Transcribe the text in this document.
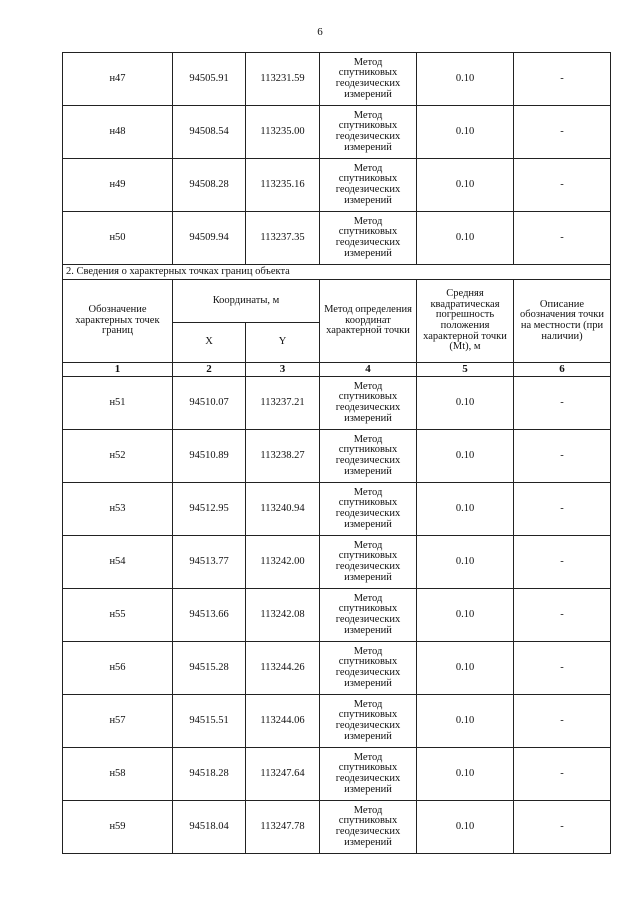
6
н47	94505.91	113231.59	Метод
спутниковых
геодезических
измерений	0.10	-
н48	94508.54	113235.00	Метод
спутниковых
геодезических
измерений	0.10	-
н49	94508.28	113235.16	Метод
спутниковых
геодезических
измерений	0.10	-
н50	94509.94	113237.35	Метод
спутниковых
геодезических
измерений	0.10	-
2. Сведения о характерных точках границ объекта					
Обозначение характерных точек границ	Координаты, м		Метод определения координат характерной точки	Средняя квадратическая погрешность положения характерной точки (Mt), м	Описание обозначения точки на местности (при наличии)
	X	Y			
1	2	3	4	5	6
н51	94510.07	113237.21	Метод
спутниковых
геодезических
измерений	0.10	-
н52	94510.89	113238.27	Метод
спутниковых
геодезических
измерений	0.10	-
н53	94512.95	113240.94	Метод
спутниковых
геодезических
измерений	0.10	-
н54	94513.77	113242.00	Метод
спутниковых
геодезических
измерений	0.10	-
н55	94513.66	113242.08	Метод
спутниковых
геодезических
измерений	0.10	-
н56	94515.28	113244.26	Метод
спутниковых
геодезических
измерений	0.10	-
н57	94515.51	113244.06	Метод
спутниковых
геодезических
измерений	0.10	-
н58	94518.28	113247.64	Метод
спутниковых
геодезических
измерений	0.10	-
н59	94518.04	113247.78	Метод
спутниковых
геодезических
измерений	0.10	-
